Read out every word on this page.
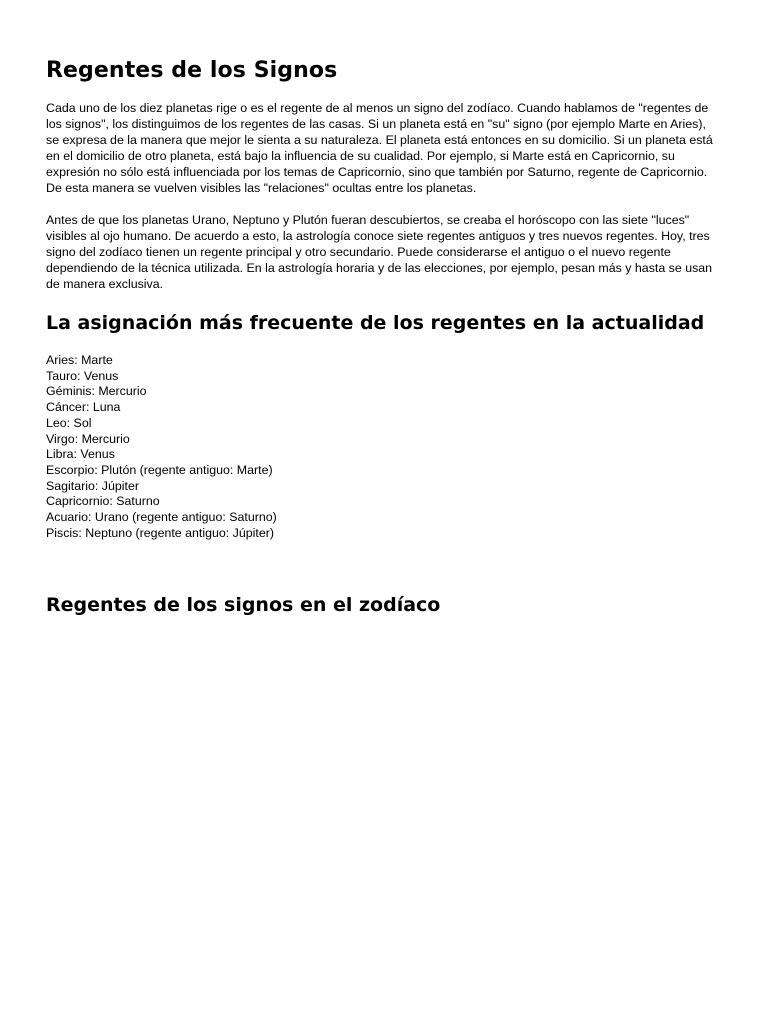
Regentes de los Signos

Cada uno de los diez planetas rige o es el regente de al menos un signo del zodíaco. Cuando hablamos de "regentes de los signos", los distinguimos de los regentes de las casas. Si un planeta está en "su" signo (por ejemplo Marte en Aries), se expresa de la manera que mejor le sienta a su naturaleza. El planeta está entonces en su domicilio. Si un planeta está en el domicilio de otro planeta, está bajo la influencia de su cualidad. Por ejemplo, si Marte está en Capricornio, su expresión no sólo está influenciada por los temas de Capricornio, sino que también por Saturno, regente de Capricornio. De esta manera se vuelven visibles las "relaciones" ocultas entre los planetas.

Antes de que los planetas Urano, Neptuno y Plutón fueran descubiertos, se creaba el horóscopo con las siete "luces" visibles al ojo humano. De acuerdo a esto, la astrología conoce siete regentes antiguos y tres nuevos regentes. Hoy, tres signo del zodíaco tienen un regente principal y otro secundario. Puede considerarse el antiguo o el nuevo regente dependiendo de la técnica utilizada. En la astrología horaria y de las elecciones, por ejemplo, pesan más y hasta se usan de manera exclusiva.

La asignación más frecuente de los regentes en la actualidad
Aries: Marte
Tauro: Venus
Géminis: Mercurio
Cáncer: Luna
Leo: Sol
Virgo: Mercurio
Libra: Venus
Escorpio: Plutón (regente antiguo: Marte)
Sagitario: Júpiter
Capricornio: Saturno
Acuario: Urano (regente antiguo: Saturno)
Piscis: Neptuno (regente antiguo: Júpiter)
Regentes de los signos en el zodíaco
